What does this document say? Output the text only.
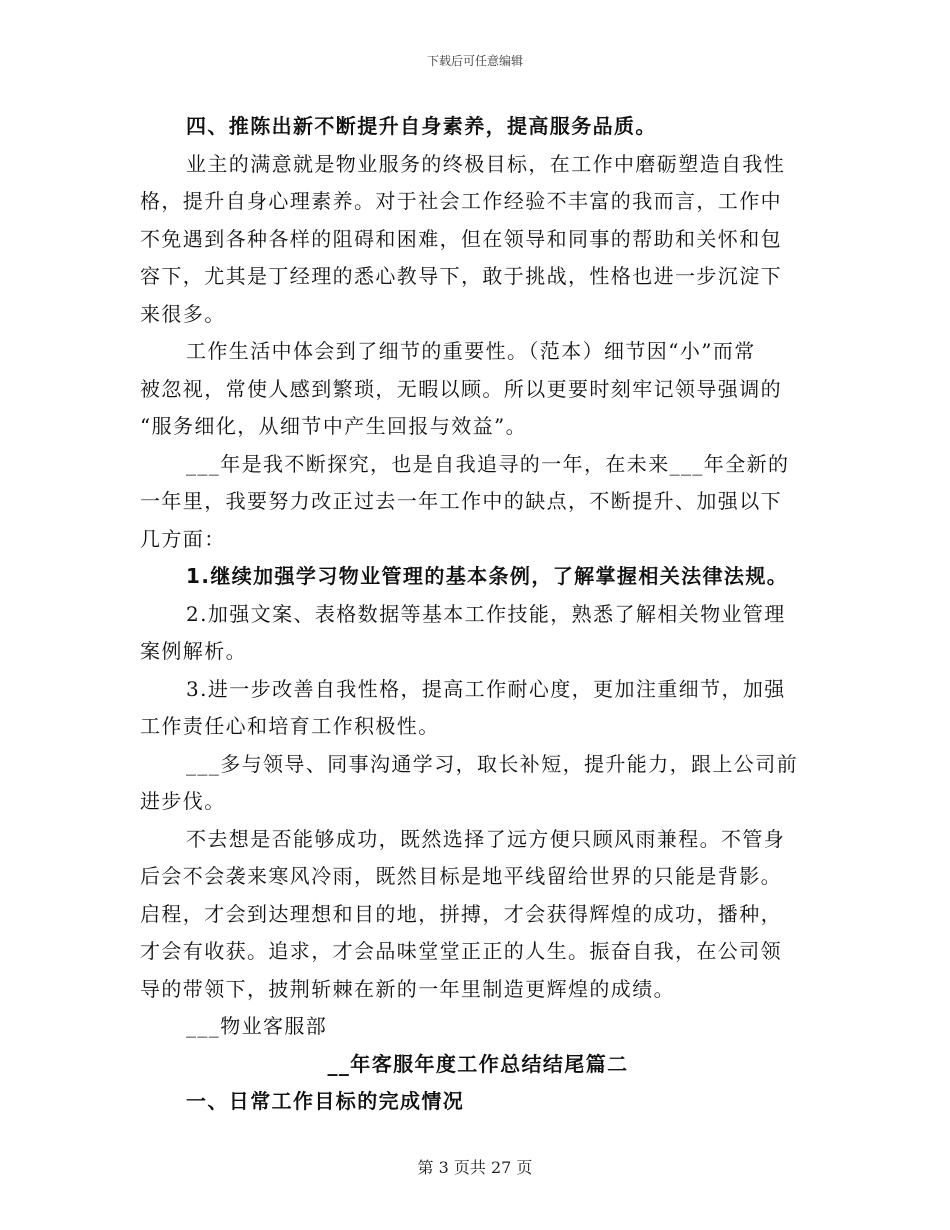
下载后可任意编辑
四、推陈出新不断提升自身素养，提高服务品质。
业主的满意就是物业服务的终极目标，在工作中磨砺塑造自我性
格，提升自身心理素养。对于社会工作经验不丰富的我而言，工作中
不免遇到各种各样的阻碍和困难，但在领导和同事的帮助和关怀和包
容下，尤其是丁经理的悉心教导下，敢于挑战，性格也进一步沉淀下
来很多。
工作生活中体会到了细节的重要性。（范本）细节因“小”而常
被忽视，常使人感到繁琐，无暇以顾。所以更要时刻牢记领导强调的
“服务细化，从细节中产生回报与效益”。
___年是我不断探究，也是自我追寻的一年，在未来___年全新的
一年里，我要努力改正过去一年工作中的缺点，不断提升、加强以下
几方面：
1.继续加强学习物业管理的基本条例，了解掌握相关法律法规。
2.加强文案、表格数据等基本工作技能，熟悉了解相关物业管理
案例解析。
3.进一步改善自我性格，提高工作耐心度，更加注重细节，加强
工作责任心和培育工作积极性。
___多与领导、同事沟通学习，取长补短，提升能力，跟上公司前
进步伐。
不去想是否能够成功，既然选择了远方便只顾风雨兼程。不管身
后会不会袭来寒风冷雨，既然目标是地平线留给世界的只能是背影。
启程，才会到达理想和目的地，拼搏，才会获得辉煌的成功，播种，
才会有收获。追求，才会品味堂堂正正的人生。振奋自我，在公司领
导的带领下，披荆斩棘在新的一年里制造更辉煌的成绩。
___物业客服部
__年客服年度工作总结结尾篇二
一、日常工作目标的完成情况
第 3 页共 27 页
